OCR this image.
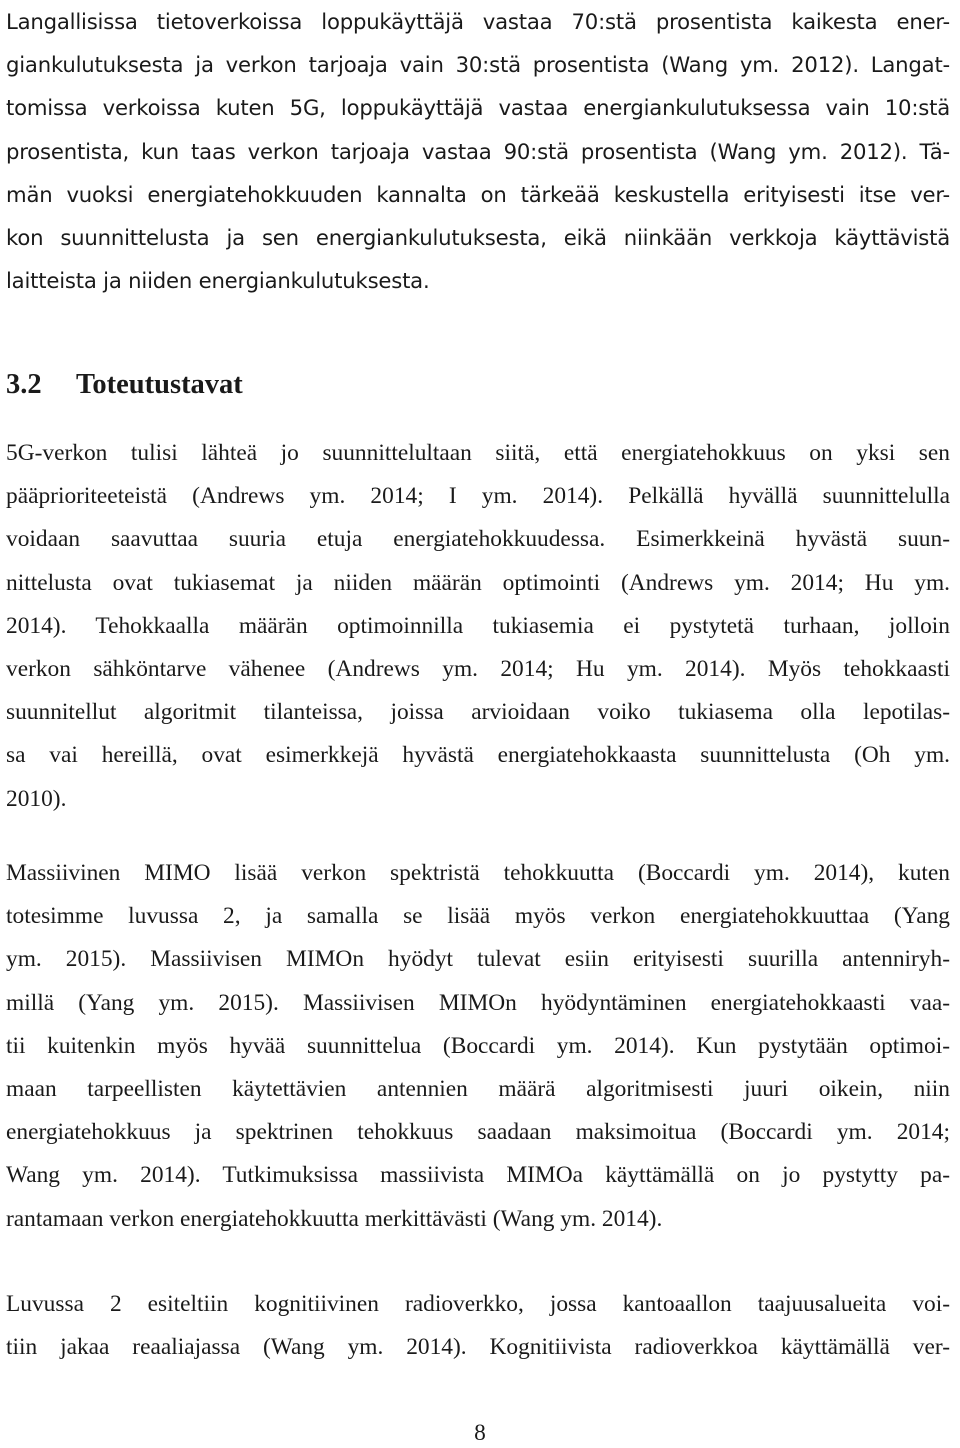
Langallisissa tietoverkoissa loppukäyttäjä vastaa 70:stä prosentista kaikesta ener-
giankulutuksesta ja verkon tarjoaja vain 30:stä prosentista (Wang ym. 2012). Langat-
tomissa verkoissa kuten 5G, loppukäyttäjä vastaa energiankulutuksessa vain 10:stä
prosentista, kun taas verkon tarjoaja vastaa 90:stä prosentista (Wang ym. 2012). Tä-
män vuoksi energiatehokkuuden kannalta on tärkeää keskustella erityisesti itse ver-
kon suunnittelusta ja sen energiankulutuksesta, eikä niinkään verkkoja käyttävistä
laitteista ja niiden energiankulutuksesta.
3.2 Toteutustavat
5G-verkon tulisi lähteä jo suunnittelultaan siitä, että energiatehokkuus on yksi sen
pääprioriteeteistä (Andrews ym. 2014; I ym. 2014). Pelkällä hyvällä suunnittelulla
voidaan saavuttaa suuria etuja energiatehokkuudessa. Esimerkkeinä hyvästä suun-
nittelusta ovat tukiasemat ja niiden määrän optimointi (Andrews ym. 2014; Hu ym.
2014). Tehokkaalla määrän optimoinnilla tukiasemia ei pystytetä turhaan, jolloin
verkon sähköntarve vähenee (Andrews ym. 2014; Hu ym. 2014). Myös tehokkaasti
suunnitellut algoritmit tilanteissa, joissa arvioidaan voiko tukiasema olla lepotilas-
sa vai hereillä, ovat esimerkkejä hyvästä energiatehokkaasta suunnittelusta (Oh ym.
2010).
Massiivinen MIMO lisää verkon spektristä tehokkuutta (Boccardi ym. 2014), kuten
totesimme luvussa 2, ja samalla se lisää myös verkon energiatehokkuuttaa (Yang
ym. 2015). Massiivisen MIMOn hyödyt tulevat esiin erityisesti suurilla antenniryh-
millä (Yang ym. 2015). Massiivisen MIMOn hyödyntäminen energiatehokkaasti vaa-
tii kuitenkin myös hyvää suunnittelua (Boccardi ym. 2014). Kun pystytään optimoi-
maan tarpeellisten käytettävien antennien määrä algoritmisesti juuri oikein, niin
energiatehokkuus ja spektrinen tehokkuus saadaan maksimoitua (Boccardi ym. 2014;
Wang ym. 2014). Tutkimuksissa massiivista MIMOa käyttämällä on jo pystytty pa-
rantamaan verkon energiatehokkuutta merkittävästi (Wang ym. 2014).
Luvussa 2 esiteltiin kognitiivinen radioverkko, jossa kantoaallon taajuusalueita voi-
tiin jakaa reaaliajassa (Wang ym. 2014). Kognitiivista radioverkkoa käyttämällä ver-
8
